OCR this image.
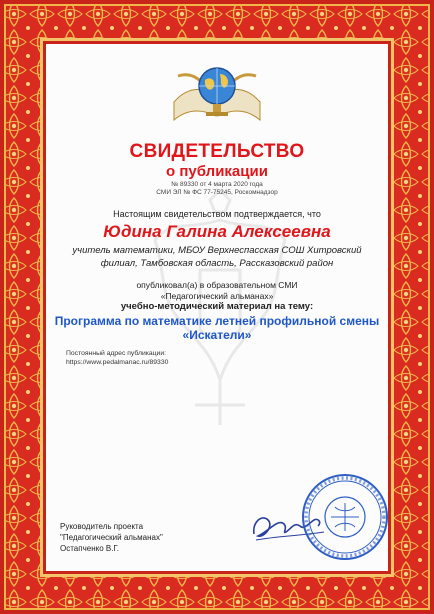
СВИДЕТЕЛЬСТВО

о публикации

№ 89330 от 4 марта 2020 года

СМИ ЭЛ № ФС 77-75245, Роскомнадзор

Настоящим свидетельством подтверждается, что

Юдина Галина Алексеевна

учитель математики, МБОУ Верхнеспасская СОШ Хитровский

филиал, Тамбовская область, Рассказовский район

опубликовал(а) в образовательном СМИ

«Педагогический альманах»

учебно-методический материал на тему:

Программа по математике летней профильной смены

«Искатели»

Постоянный адрес публикации:

https://www.pedalmanac.ru/89330

Руководитель проекта

"Педагогический альманах"

Остапченко В.Г.
